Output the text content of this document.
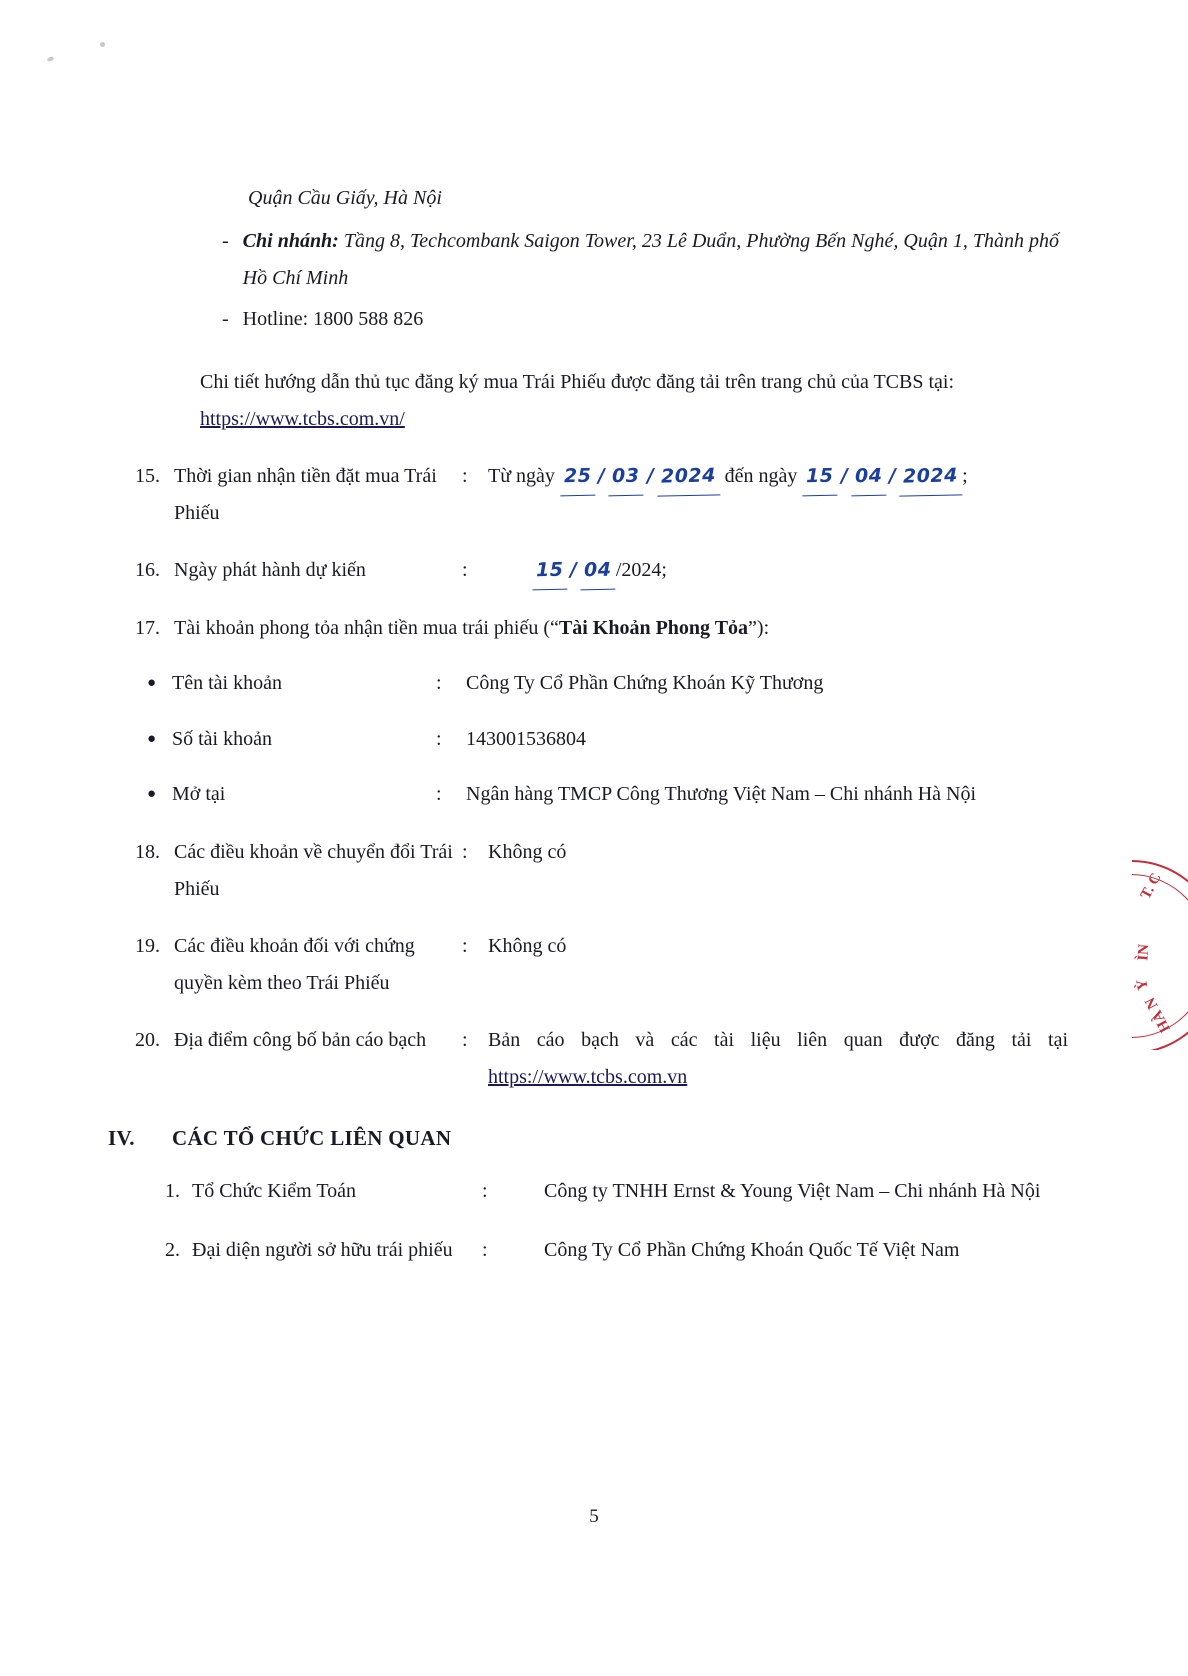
Quận Cầu Giấy, Hà Nội
- Chi nhánh: Tầng 8, Techcombank Saigon Tower, 23 Lê Duẩn, Phường Bến Nghé, Quận 1, Thành phố Hồ Chí Minh
- Hotline: 1800 588 826
Chi tiết hướng dẫn thủ tục đăng ký mua Trái Phiếu được đăng tải trên trang chủ của TCBS tại: https://www.tcbs.com.vn/
15. Thời gian nhận tiền đặt mua Trái Phiếu
:	Từ ngày 25 / 03 / 2024 đến ngày 15 / 04 / 2024 ;
16. Ngày phát hành dự kiến	:	15 / 04 /2024;
17. Tài khoản phong tỏa nhận tiền mua trái phiếu (“Tài Khoản Phong Tỏa”):
● Tên tài khoản	:	Công Ty Cổ Phần Chứng Khoán Kỹ Thương
● Số tài khoản	:	143001536804
● Mở tại	:	Ngân hàng TMCP Công Thương Việt Nam – Chi nhánh Hà Nội
18. Các điều khoản về chuyển đổi Trái Phiếu
:	Không có
19. Các điều khoản đối với chứng quyền kèm theo Trái Phiếu
:	Không có
20. Địa điểm công bố bản cáo bạch	:	Bản cáo bạch và các tài liệu liên quan được đăng tải tại https://www.tcbs.com.vn
IV.	CÁC TỔ CHỨC LIÊN QUAN
1. Tổ Chức Kiểm Toán	:	Công ty TNHH Ernst & Young Việt Nam – Chi nhánh Hà Nội
2. Đại diện người sở hữu trái phiếu	:	Công Ty Cổ Phần Chứng Khoán Quốc Tế Việt Nam
T. C
ÌN
Ỳ
HÀ N
5
